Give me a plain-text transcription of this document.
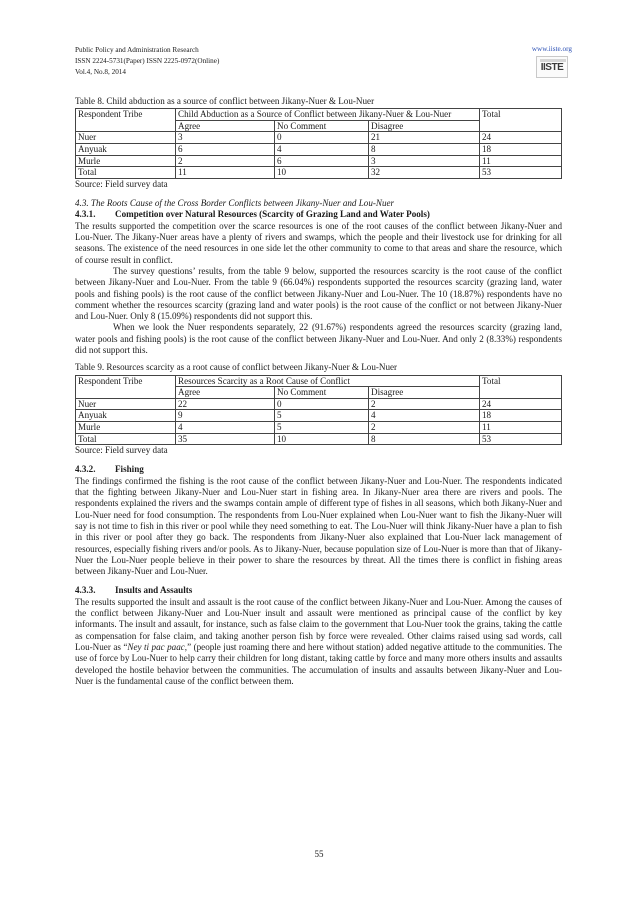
Public Policy and Administration Research
ISSN 2224-5731(Paper) ISSN 2225-0972(Online)
Vol.4, No.8, 2014
www.iiste.org
IISTE
Table 8. Child abduction as a source of conflict between Jikany-Nuer & Lou-Nuer
Respondent Tribe	Child Abduction as a Source of Conflict between Jikany-Nuer & Lou-Nuer			Total
	Agree	No Comment	Disagree	
Nuer	3	0	21	24
Anyuak	6	4	8	18
Murle	2	6	3	11
Total	11	10	32	53
Source: Field survey data
4.3. The Roots Cause of the Cross Border Conflicts between Jikany-Nuer and Lou-Nuer
4.3.1. Competition over Natural Resources (Scarcity of Grazing Land and Water Pools)

The results supported the competition over the scarce resources is one of the root causes of the conflict between Jikany-Nuer and Lou-Nuer. The Jikany-Nuer areas have a plenty of rivers and swamps, which the people and their livestock use for drinking for all seasons. The existence of the need resources in one side let the other community to come to that areas and share the resource, which of course result in conflict.

The survey questions’ results, from the table 9 below, supported the resources scarcity is the root cause of the conflict between Jikany-Nuer and Lou-Nuer. From the table 9 (66.04%) respondents supported the resources scarcity (grazing land, water pools and fishing pools) is the root cause of the conflict between Jikany-Nuer and Lou-Nuer. The 10 (18.87%) respondents have no comment whether the resources scarcity (grazing land and water pools) is the root cause of the conflict or not between Jikany-Nuer and Lou-Nuer. Only 8 (15.09%) respondents did not support this.

When we look the Nuer respondents separately, 22 (91.67%) respondents agreed the resources scarcity (grazing land, water pools and fishing pools) is the root cause of the conflict between Jikany-Nuer and Lou-Nuer. And only 2 (8.33%) respondents did not support this.

Table 9. Resources scarcity as a root cause of conflict between Jikany-Nuer & Lou-Nuer
Respondent Tribe	Resources Scarcity as a Root Cause of Conflict			Total
	Agree	No Comment	Disagree	
Nuer	22	0	2	24
Anyuak	9	5	4	18
Murle	4	5	2	11
Total	35	10	8	53
Source: Field survey data
4.3.2. Fishing

The findings confirmed the fishing is the root cause of the conflict between Jikany-Nuer and Lou-Nuer. The respondents indicated that the fighting between Jikany-Nuer and Lou-Nuer start in fishing area. In Jikany-Nuer area there are rivers and pools. The respondents explained the rivers and the swamps contain ample of different type of fishes in all seasons, which both Jikany-Nuer and Lou-Nuer need for food consumption. The respondents from Lou-Nuer explained when Lou-Nuer want to fish the Jikany-Nuer will say is not time to fish in this river or pool while they need something to eat. The Lou-Nuer will think Jikany-Nuer have a plan to fish in this river or pool after they go back. The respondents from Jikany-Nuer also explained that Lou-Nuer lack management of resources, especially fishing rivers and/or pools. As to Jikany-Nuer, because population size of Lou-Nuer is more than that of Jikany-Nuer the Lou-Nuer people believe in their power to share the resources by threat. All the times there is conflict in fishing areas between Jikany-Nuer and Lou-Nuer.

4.3.3. Insults and Assaults

The results supported the insult and assault is the root cause of the conflict between Jikany-Nuer and Lou-Nuer. Among the causes of the conflict between Jikany-Nuer and Lou-Nuer insult and assault were mentioned as principal cause of the conflict by key informants. The insult and assault, for instance, such as false claim to the government that Lou-Nuer took the grains, taking the cattle as compensation for false claim, and taking another person fish by force were revealed. Other claims raised using sad words, call Lou-Nuer as “Ney ti pac paac,” (people just roaming there and here without station) added negative attitude to the communities. The use of force by Lou-Nuer to help carry their children for long distant, taking cattle by force and many more others insults and assaults developed the hostile behavior between the communities. The accumulation of insults and assaults between Jikany-Nuer and Lou-Nuer is the fundamental cause of the conflict between them.

55
